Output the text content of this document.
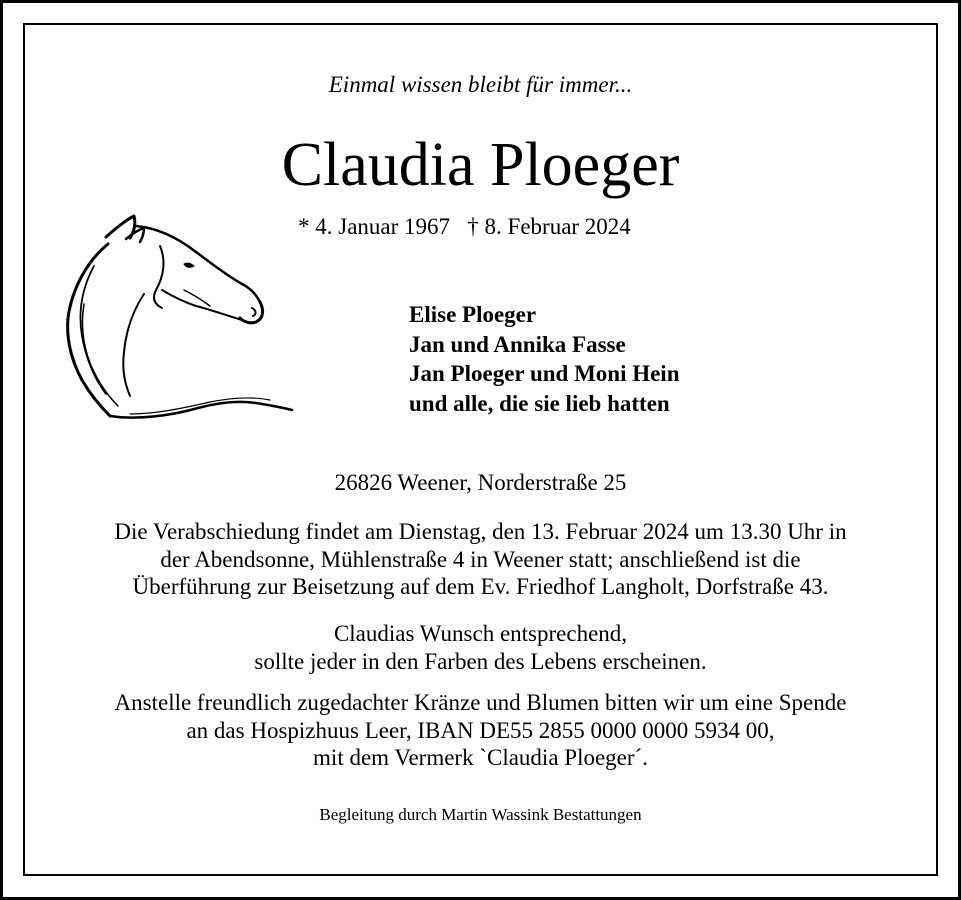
Einmal wissen bleibt für immer...
Claudia Ploeger
* 4. Januar 1967 † 8. Februar 2024
Elise Ploeger
Jan und Annika Fasse
Jan Ploeger und Moni Hein
und alle, die sie lieb hatten
26826 Weener, Norderstraße 25
Die Verabschiedung findet am Dienstag, den 13. Februar 2024 um 13.30 Uhr in
der Abendsonne, Mühlenstraße 4 in Weener statt; anschließend ist die
Überführung zur Beisetzung auf dem Ev. Friedhof Langholt, Dorfstraße 43.
Claudias Wunsch entsprechend,
sollte jeder in den Farben des Lebens erscheinen.
Anstelle freundlich zugedachter Kränze und Blumen bitten wir um eine Spende
an das Hospizhuus Leer, IBAN DE55 2855 0000 0000 5934 00,
mit dem Vermerk `Claudia Ploeger´.
Begleitung durch Martin Wassink Bestattungen
